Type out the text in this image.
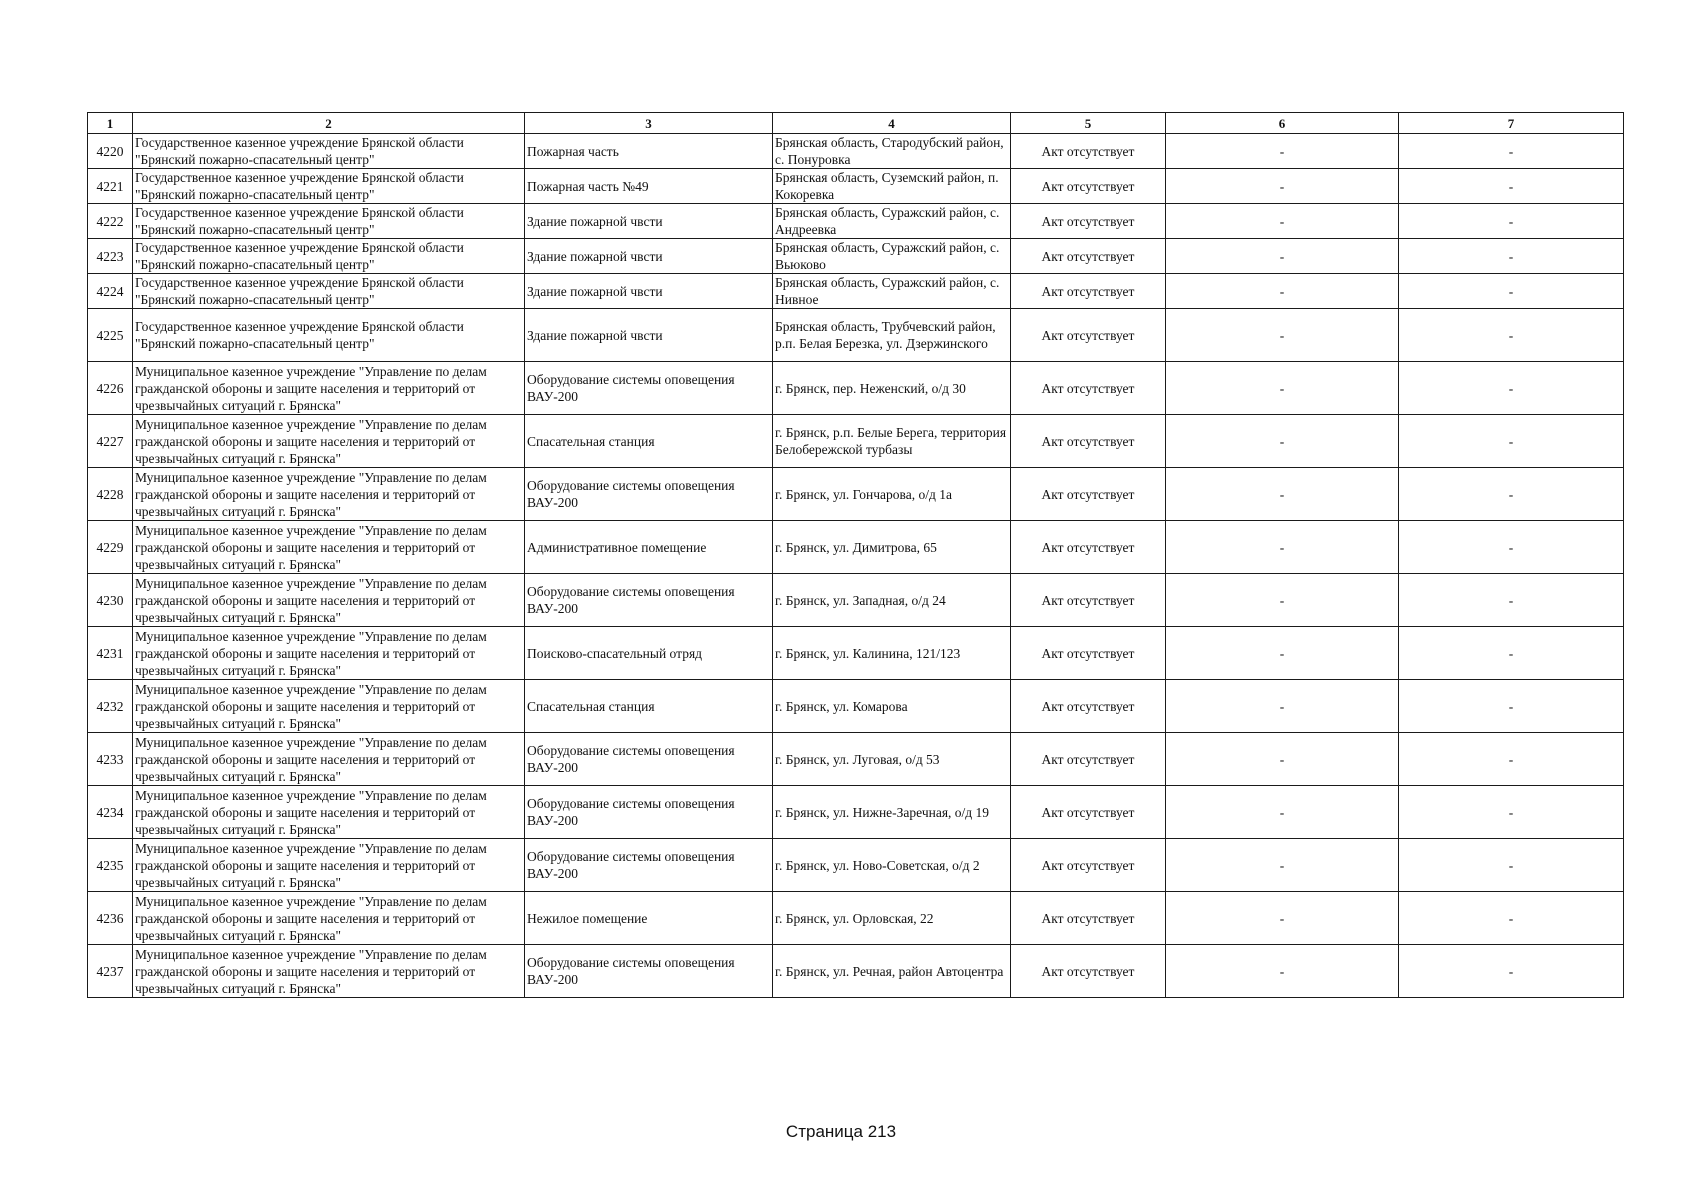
1	2	3	4	5	6	7
4220	Государственное казенное учреждение Брянской области "Брянский пожарно-спасательный центр"	Пожарная часть	Брянская область, Стародубский район, с. Понуровка	Акт отсутствует	-	-
4221	Государственное казенное учреждение Брянской области "Брянский пожарно-спасательный центр"	Пожарная часть №49	Брянская область, Суземский район, п. Кокоревка	Акт отсутствует	-	-
4222	Государственное казенное учреждение Брянской области "Брянский пожарно-спасательный центр"	Здание пожарной чвсти	Брянская область, Суражский район, с. Андреевка	Акт отсутствует	-	-
4223	Государственное казенное учреждение Брянской области "Брянский пожарно-спасательный центр"	Здание пожарной чвсти	Брянская область, Суражский район, с. Вьюково	Акт отсутствует	-	-
4224	Государственное казенное учреждение Брянской области "Брянский пожарно-спасательный центр"	Здание пожарной чвсти	Брянская область, Суражский район, с. Нивное	Акт отсутствует	-	-
4225	Государственное казенное учреждение Брянской области "Брянский пожарно-спасательный центр"	Здание пожарной чвсти	Брянская область, Трубчевский район, р.п. Белая Березка, ул. Дзержинского	Акт отсутствует	-	-
4226	Муниципальное казенное учреждение "Управление по делам гражданской обороны и защите населения и территорий от чрезвычайных ситуаций г. Брянска"	Оборудование системы оповещения ВАУ-200	г. Брянск, пер. Неженский, о/д 30	Акт отсутствует	-	-
4227	Муниципальное казенное учреждение "Управление по делам гражданской обороны и защите населения и территорий от чрезвычайных ситуаций г. Брянска"	Спасательная станция	г. Брянск, р.п. Белые Берега, территория Белобережской турбазы	Акт отсутствует	-	-
4228	Муниципальное казенное учреждение "Управление по делам гражданской обороны и защите населения и территорий от чрезвычайных ситуаций г. Брянска"	Оборудование системы оповещения ВАУ-200	г. Брянск, ул. Гончарова, о/д 1а	Акт отсутствует	-	-
4229	Муниципальное казенное учреждение "Управление по делам гражданской обороны и защите населения и территорий от чрезвычайных ситуаций г. Брянска"	Административное помещение	г. Брянск, ул. Димитрова, 65	Акт отсутствует	-	-
4230	Муниципальное казенное учреждение "Управление по делам гражданской обороны и защите населения и территорий от чрезвычайных ситуаций г. Брянска"	Оборудование системы оповещения ВАУ-200	г. Брянск, ул. Западная, о/д 24	Акт отсутствует	-	-
4231	Муниципальное казенное учреждение "Управление по делам гражданской обороны и защите населения и территорий от чрезвычайных ситуаций г. Брянска"	Поисково-спасательный отряд	г. Брянск, ул. Калинина, 121/123	Акт отсутствует	-	-
4232	Муниципальное казенное учреждение "Управление по делам гражданской обороны и защите населения и территорий от чрезвычайных ситуаций г. Брянска"	Спасательная станция	г. Брянск, ул. Комарова	Акт отсутствует	-	-
4233	Муниципальное казенное учреждение "Управление по делам гражданской обороны и защите населения и территорий от чрезвычайных ситуаций г. Брянска"	Оборудование системы оповещения ВАУ-200	г. Брянск, ул. Луговая, о/д 53	Акт отсутствует	-	-
4234	Муниципальное казенное учреждение "Управление по делам гражданской обороны и защите населения и территорий от чрезвычайных ситуаций г. Брянска"	Оборудование системы оповещения ВАУ-200	г. Брянск, ул. Нижне-Заречная, о/д 19	Акт отсутствует	-	-
4235	Муниципальное казенное учреждение "Управление по делам гражданской обороны и защите населения и территорий от чрезвычайных ситуаций г. Брянска"	Оборудование системы оповещения ВАУ-200	г. Брянск, ул. Ново-Советская, о/д 2	Акт отсутствует	-	-
4236	Муниципальное казенное учреждение "Управление по делам гражданской обороны и защите населения и территорий от чрезвычайных ситуаций г. Брянска"	Нежилое помещение	г. Брянск, ул. Орловская, 22	Акт отсутствует	-	-
4237	Муниципальное казенное учреждение "Управление по делам гражданской обороны и защите населения и территорий от чрезвычайных ситуаций г. Брянска"	Оборудование системы оповещения ВАУ-200	г. Брянск, ул. Речная, район Автоцентра	Акт отсутствует	-	-
Страница 213
